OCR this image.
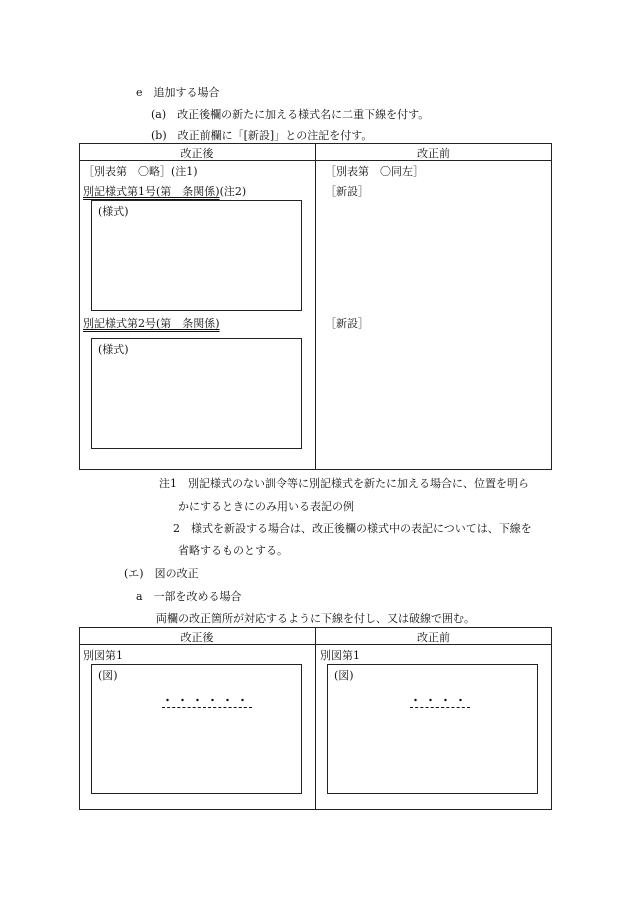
e　追加する場合
(a)　改正後欄の新たに加える様式名に二重下線を付す。
(b)　改正前欄に「[新設]」との注記を付す。
改正後	改正前
［別表第　〇略］(注1)
別記様式第1号(第　条関係)(注2)
(様式)
別記様式第2号(第　条関係)
(様式)
［別表第　〇同左］
［新設］
［新設］
注1　別記様式のない訓令等に別記様式を新たに加える場合に、位置を明ら
かにするときにのみ用いる表記の例
2　様式を新設する場合は、改正後欄の様式中の表記については、下線を
省略するものとする。
(エ)　図の改正
a　一部を改める場合
両欄の改正箇所が対応するように下線を付し、又は破線で囲む。
改正後	改正前
別図第1
(図)
・・・・・・
別図第1
(図)
・・・・
